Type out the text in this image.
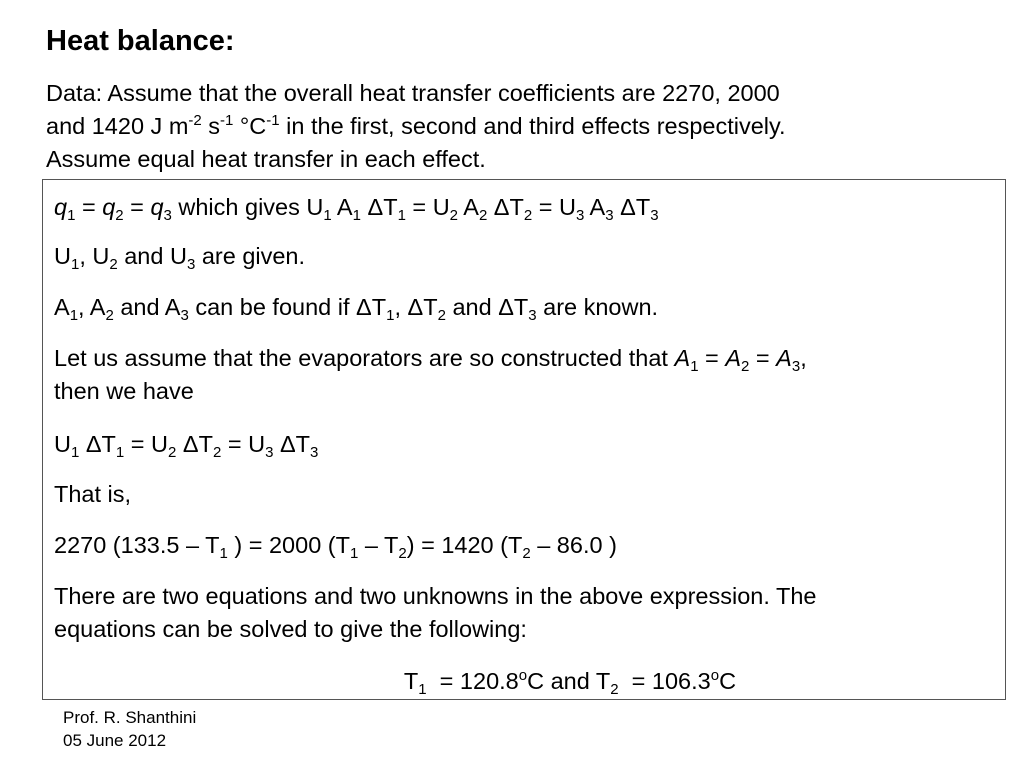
Heat balance:
Data: Assume that the overall heat transfer coefficients are 2270, 2000
and 1420 J $m^{-2}$ $s^{-1}$ $^\circ C^{-1}$ in the first, second and third effects respectively.
Assume equal heat transfer in each effect.
$q_1 = q_2 = q_3$ which gives $U_1$ $A_1$ $\Delta T_1 = U_2$ $A_2$ $\Delta T_2 = U_3$ $A_3$ $\Delta T_3$
$U_1$, $U_2$ and $U_3$ are given.
$A_1$, $A_2$ and $A_3$ can be found if $\Delta T_1$, $\Delta T_2$ and $\Delta T_3$ are known.
Let us assume that the evaporators are so constructed that $A_1 = A_2 = A_3$,
then we have
$U_1$ $\Delta T_1 = U_2$ $\Delta T_2 = U_3$ $\Delta T_3$
That is,
2270 ($133.5 - T_1$ ) = 2000 $(T_1 - T_2) = 1420$ ($T_2 - 86.0$ )
There are two equations and two unknowns in the above expression. The
equations can be solved to give the following:
$T_1 = 120.8^oC$ and $T_2 = 106.3^oC$
Prof. R. Shanthini
05 June 2012
